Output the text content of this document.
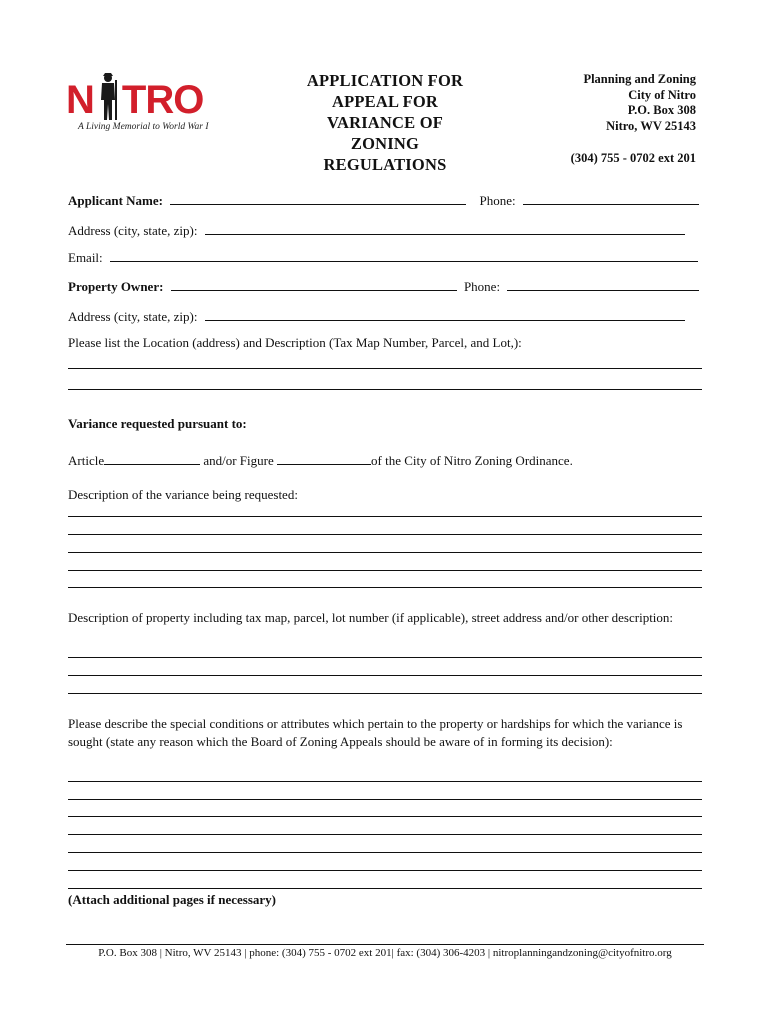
N TRO
A Living Memorial to World War I
APPLICATION FOR
APPEAL FOR
VARIANCE OF
ZONING
REGULATIONS
Planning and Zoning
City of Nitro
P.O. Box 308
Nitro, WV 25143
(304) 755 - 0702 ext 201
Applicant Name:	Phone:
Address (city, state, zip):
Email:
Property Owner:	Phone:
Address (city, state, zip):
Please list the Location (address) and Description (Tax Map Number, Parcel, and Lot,):
Variance requested pursuant to:
Article	and/or Figure	of the City of Nitro Zoning Ordinance.
Description of the variance being requested:
Description of property including tax map, parcel, lot number (if applicable), street address and/or other description:
Please describe the special conditions or attributes which pertain to the property or hardships for which the variance is sought (state any reason which the Board of Zoning Appeals should be aware of in forming its decision):
(Attach additional pages if necessary)
P.O. Box 308 | Nitro, WV 25143 | phone: (304) 755 - 0702 ext 201| fax: (304) 306-4203 | nitroplanningandzoning@cityofnitro.org
